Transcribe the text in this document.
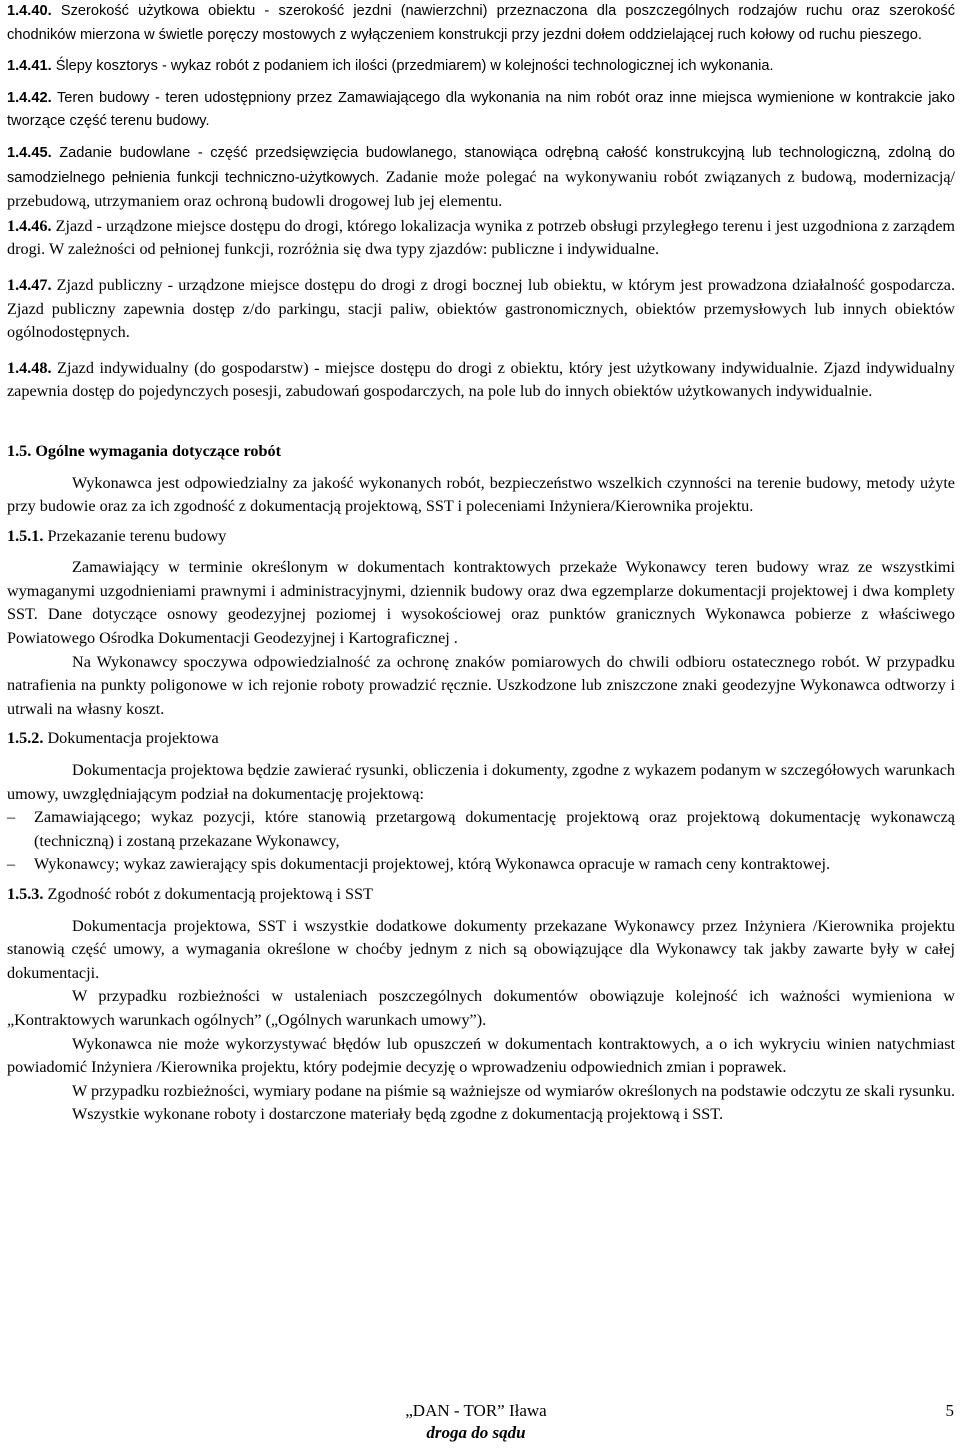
1.4.40. Szerokość użytkowa obiektu - szerokość jezdni (nawierzchni) przeznaczona dla poszczególnych rodzajów ruchu oraz szerokość chodników mierzona w świetle poręczy mostowych z wyłączeniem konstrukcji przy jezdni dołem oddzielającej ruch kołowy od ruchu pieszego.

1.4.41. Ślepy kosztorys - wykaz robót z podaniem ich ilości (przedmiarem) w kolejności technologicznej ich wykonania.

1.4.42. Teren budowy - teren udostępniony przez Zamawiającego dla wykonania na nim robót oraz inne miejsca wymienione w kontrakcie jako tworzące część terenu budowy.

1.4.45. Zadanie budowlane - część przedsięwzięcia budowlanego, stanowiąca odrębną całość konstrukcyjną lub technologiczną, zdolną do samodzielnego pełnienia funkcji techniczno-użytkowych. Zadanie może polegać na wykonywaniu robót związanych z budową, modernizacją/ przebudową, utrzymaniem oraz ochroną budowli drogowej lub jej elementu.

1.4.46. Zjazd - urządzone miejsce dostępu do drogi, którego lokalizacja wynika z potrzeb obsługi przyległego terenu i jest uzgodniona z zarządem drogi. W zależności od pełnionej funkcji, rozróżnia się dwa typy zjazdów: publiczne i indywidualne.

1.4.47. Zjazd publiczny - urządzone miejsce dostępu do drogi z drogi bocznej lub obiektu, w którym jest prowadzona działalność gospodarcza. Zjazd publiczny zapewnia dostęp z/do parkingu, stacji paliw, obiektów gastronomicznych, obiektów przemysłowych lub innych obiektów ogólnodostępnych.

1.4.48. Zjazd indywidualny (do gospodarstw) - miejsce dostępu do drogi z obiektu, który jest użytkowany indywidualnie. Zjazd indywidualny zapewnia dostęp do pojedynczych posesji, zabudowań gospodarczych, na pole lub do innych obiektów użytkowanych indywidualnie.

1.5. Ogólne wymagania dotyczące robót

Wykonawca jest odpowiedzialny za jakość wykonanych robót, bezpieczeństwo wszelkich czynności na terenie budowy, metody użyte przy budowie oraz za ich zgodność z dokumentacją projektową, SST i poleceniami Inżyniera/Kierownika projektu.

1.5.1. Przekazanie terenu budowy

Zamawiający w terminie określonym w dokumentach kontraktowych przekaże Wykonawcy teren budowy wraz ze wszystkimi wymaganymi uzgodnieniami prawnymi i administracyjnymi, dziennik budowy oraz dwa egzemplarze dokumentacji projektowej i dwa komplety SST. Dane dotyczące osnowy geodezyjnej poziomej i wysokościowej oraz punktów granicznych Wykonawca pobierze z właściwego Powiatowego Ośrodka Dokumentacji Geodezyjnej i Kartograficznej .

Na Wykonawcy spoczywa odpowiedzialność za ochronę znaków pomiarowych do chwili odbioru ostatecznego robót. W przypadku natrafienia na punkty poligonowe w ich rejonie roboty prowadzić ręcznie. Uszkodzone lub zniszczone znaki geodezyjne Wykonawca odtworzy i utrwali na własny koszt.

1.5.2. Dokumentacja projektowa

Dokumentacja projektowa będzie zawierać rysunki, obliczenia i dokumenty, zgodne z wykazem podanym w szczegółowych warunkach umowy, uwzględniającym podział na dokumentację projektową:

–	Zamawiającego; wykaz pozycji, które stanowią przetargową dokumentację projektową oraz projektową dokumentację wykonawczą (techniczną) i zostaną przekazane Wykonawcy,
–	Wykonawcy; wykaz zawierający spis dokumentacji projektowej, którą Wykonawca opracuje w ramach ceny kontraktowej.

1.5.3. Zgodność robót z dokumentacją projektową i SST

Dokumentacja projektowa, SST i wszystkie dodatkowe dokumenty przekazane Wykonawcy przez Inżyniera /Kierownika projektu stanowią część umowy, a wymagania określone w choćby jednym z nich są obowiązujące dla Wykonawcy tak jakby zawarte były w całej dokumentacji.

W przypadku rozbieżności w ustaleniach poszczególnych dokumentów obowiązuje kolejność ich ważności wymieniona w „Kontraktowych warunkach ogólnych” („Ogólnych warunkach umowy”).

Wykonawca nie może wykorzystywać błędów lub opuszczeń w dokumentach kontraktowych, a o ich wykryciu winien natychmiast powiadomić Inżyniera /Kierownika projektu, który podejmie decyzję o wprowadzeniu odpowiednich zmian i poprawek.

W przypadku rozbieżności, wymiary podane na piśmie są ważniejsze od wymiarów określonych na podstawie odczytu ze skali rysunku.

Wszystkie wykonane roboty i dostarczone materiały będą zgodne z dokumentacją projektową i SST.

„DAN - TOR” Iława
droga do sądu
5
